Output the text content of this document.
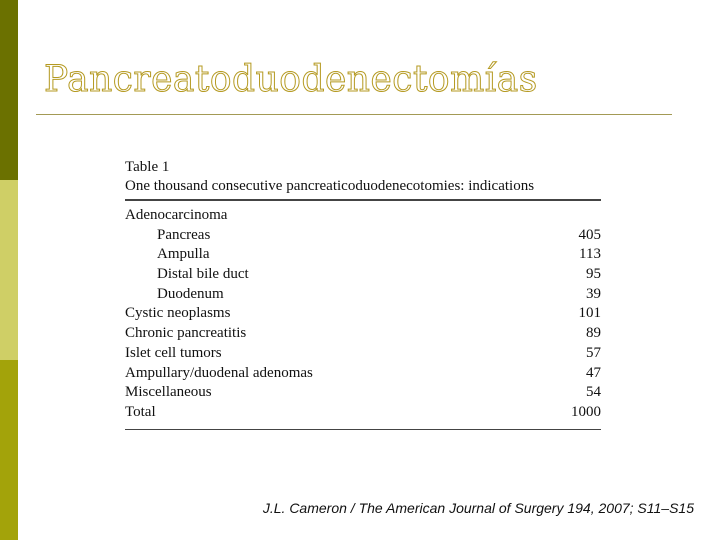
Pancreatoduodenectomías
Table 1
One thousand consecutive pancreaticoduodenecotomies: indications
Adenocarcinoma
Pancreas	405
Ampulla	113
Distal bile duct	95
Duodenum	39
Cystic neoplasms	101
Chronic pancreatitis	89
Islet cell tumors	57
Ampullary/duodenal adenomas	47
Miscellaneous	54
Total	1000
J.L. Cameron / The American Journal of Surgery 194, 2007; S11–S15
